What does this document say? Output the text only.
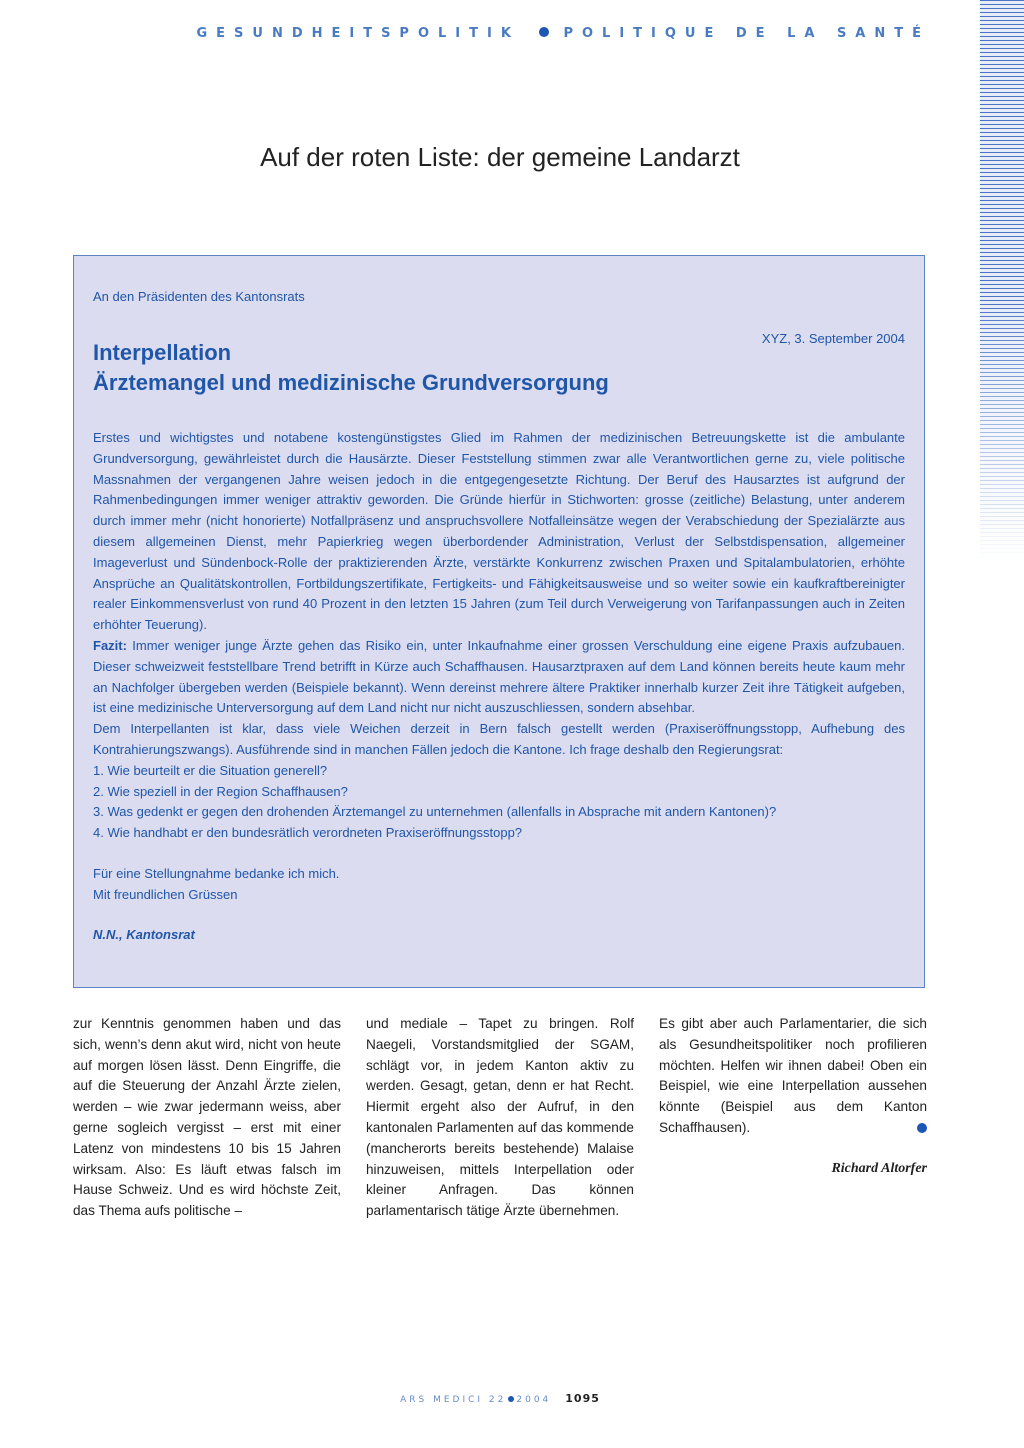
GESUNDHEITSPOLITIK	POLITIQUE DE LA SANTÉ
Auf der roten Liste: der gemeine Landarzt

An den Präsidenten des Kantonsrats

XYZ, 3. September 2004
Interpellation
Ärztemangel und medizinische Grundversorgung

Erstes und wichtigstes und notabene kostengünstigstes Glied im Rahmen der medizinischen Betreuungskette ist die ambulante Grundversorgung, gewährleistet durch die Hausärzte. Dieser Feststellung stimmen zwar alle Verantwortlichen gerne zu, viele politische Massnahmen der vergangenen Jahre weisen jedoch in die entgegengesetzte Richtung. Der Beruf des Hausarztes ist aufgrund der Rahmenbedingungen immer weniger attraktiv geworden. Die Gründe hierfür in Stichworten: grosse (zeitliche) Belastung, unter anderem durch immer mehr (nicht honorierte) Notfallpräsenz und anspruchsvollere Notfalleinsätze wegen der Verabschiedung der Spezialärzte aus diesem allgemeinen Dienst, mehr Papierkrieg wegen überbordender Administration, Verlust der Selbstdispensation, allgemeiner Imageverlust und Sündenbock-Rolle der praktizierenden Ärzte, verstärkte Konkurrenz zwischen Praxen und Spitalambulatorien, erhöhte Ansprüche an Qualitätskontrollen, Fortbildungszertifikate, Fertigkeits- und Fähigkeitsausweise und so weiter sowie ein kaufkraftbereinigter realer Einkommensverlust von rund 40 Prozent in den letzten 15 Jahren (zum Teil durch Verweigerung von Tarifanpassungen auch in Zeiten erhöhter Teuerung).

Fazit: Immer weniger junge Ärzte gehen das Risiko ein, unter Inkaufnahme einer grossen Verschuldung eine eigene Praxis aufzubauen. Dieser schweizweit feststellbare Trend betrifft in Kürze auch Schaffhausen. Hausarztpraxen auf dem Land können bereits heute kaum mehr an Nachfolger übergeben werden (Beispiele bekannt). Wenn dereinst mehrere ältere Praktiker innerhalb kurzer Zeit ihre Tätigkeit aufgeben, ist eine medizinische Unterversorgung auf dem Land nicht nur nicht auszuschliessen, sondern absehbar.

Dem Interpellanten ist klar, dass viele Weichen derzeit in Bern falsch gestellt werden (Praxiseröffnungsstopp, Aufhebung des Kontrahierungszwangs). Ausführende sind in manchen Fällen jedoch die Kantone. Ich frage deshalb den Regierungsrat:

1. Wie beurteilt er die Situation generell?
2. Wie speziell in der Region Schaffhausen?
3. Was gedenkt er gegen den drohenden Ärztemangel zu unternehmen (allenfalls in Absprache mit andern Kantonen)?
4. Wie handhabt er den bundesrätlich verordneten Praxiseröffnungsstopp?
Für eine Stellungnahme bedanke ich mich.
Mit freundlichen Grüssen
N.N., Kantonsrat
zur Kenntnis genommen haben und das sich, wenn’s denn akut wird, nicht von heute auf morgen lösen lässt. Denn Eingriffe, die auf die Steuerung der Anzahl Ärzte zielen, werden – wie zwar jedermann weiss, aber gerne sogleich vergisst – erst mit einer Latenz von mindestens 10 bis 15 Jahren wirksam. Also: Es läuft etwas falsch im Hause Schweiz. Und es wird höchste Zeit, das Thema aufs politische –
und mediale – Tapet zu bringen. Rolf Naegeli, Vorstandsmitglied der SGAM, schlägt vor, in jedem Kanton aktiv zu werden. Gesagt, getan, denn er hat Recht. Hiermit ergeht also der Aufruf, in den kantonalen Parlamenten auf das kommende (mancherorts bereits bestehende) Malaise hinzuweisen, mittels Interpellation oder kleiner Anfragen. Das können parlamentarisch tätige Ärzte übernehmen.
Es gibt aber auch Parlamentarier, die sich als Gesundheitspolitiker noch profilieren möchten. Helfen wir ihnen dabei! Oben ein Beispiel, wie eine Interpellation aussehen könnte (Beispiel aus dem Kanton Schaffhausen).
Richard Altorfer
ARS MEDICI 22 2004 1095
